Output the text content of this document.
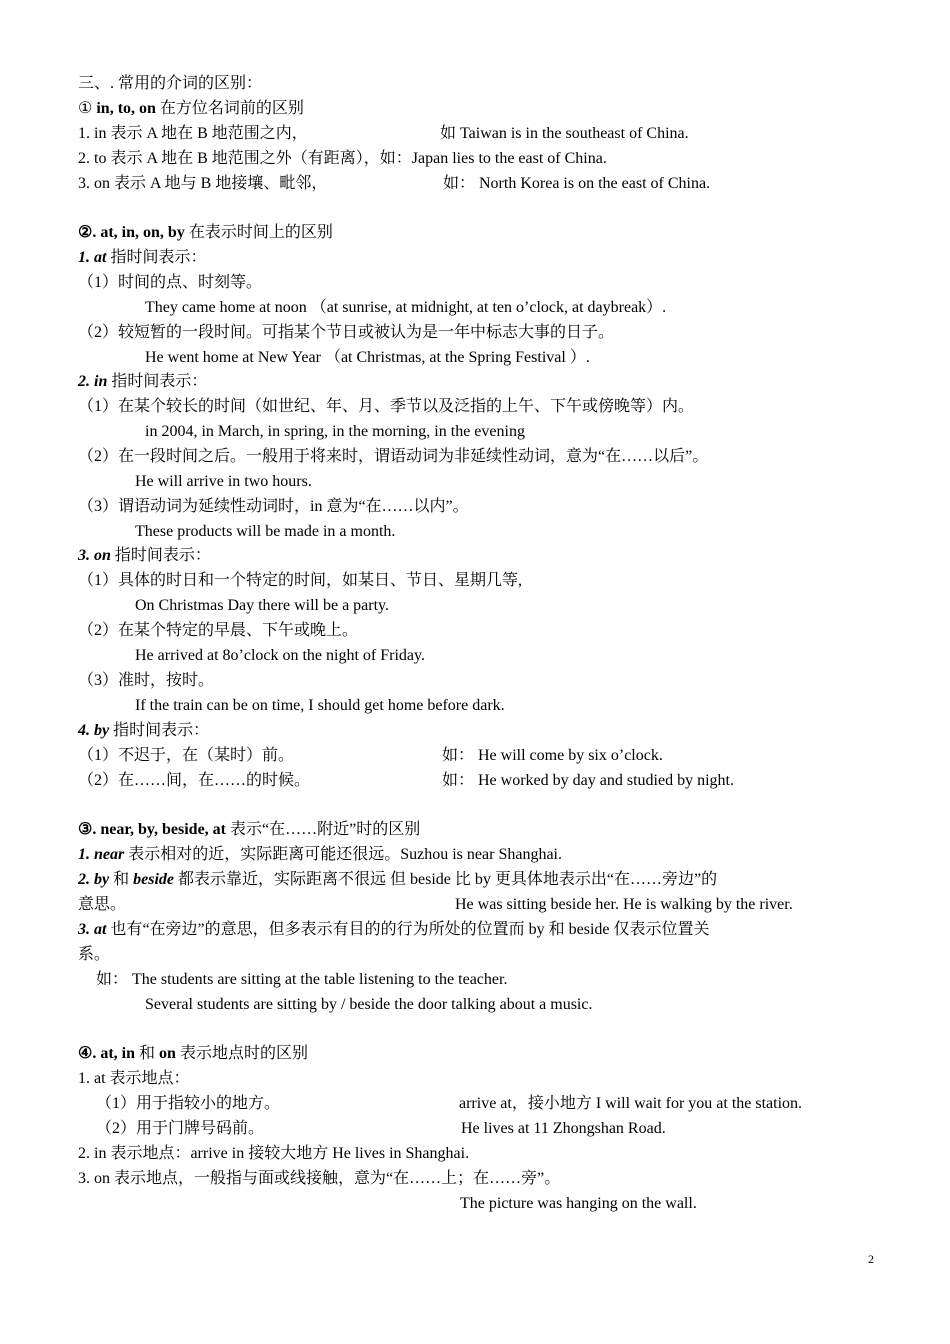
三、. 常用的介词的区别：
① in, to, on 在方位名词前的区别
1. in 表示 A 地在 B 地范围之内，	如 Taiwan is in the southeast of China.
2. to 表示 A 地在 B 地范围之外（有距离），如：Japan lies to the east of China.
3. on 表示 A 地与 B 地接壤、毗邻，	如： North Korea is on the east of China.
②. at, in, on, by 在表示时间上的区别
1. at 指时间表示：
（1）时间的点、时刻等。
They came home at noon （at sunrise, at midnight, at ten o’clock, at daybreak）.
（2）较短暂的一段时间。可指某个节日或被认为是一年中标志大事的日子。
He went home at New Year （at Christmas, at the Spring Festival ）.
2. in 指时间表示：
（1）在某个较长的时间（如世纪、年、月、季节以及泛指的上午、下午或傍晚等）内。
in 2004, in March, in spring, in the morning, in the evening
（2）在一段时间之后。一般用于将来时，谓语动词为非延续性动词，意为“在……以后”。
He will arrive in two hours.
（3）谓语动词为延续性动词时，in 意为“在……以内”。
These products will be made in a month.
3. on 指时间表示：
（1）具体的时日和一个特定的时间，如某日、节日、星期几等,
On Christmas Day there will be a party.
（2）在某个特定的早晨、下午或晚上。
He arrived at 8o’clock on the night of Friday.
（3）准时，按时。
If the train can be on time, I should get home before dark.
4. by 指时间表示：
（1）不迟于，在（某时）前。	如： He will come by six o’clock.
（2）在……间，在……的时候。	如： He worked by day and studied by night.
③. near, by, beside, at 表示“在……附近”时的区别
1. near 表示相对的近，实际距离可能还很远。Suzhou is near Shanghai.
2. by 和 beside 都表示靠近，实际距离不很远 但 beside 比 by 更具体地表示出“在……旁边”的
意思。	He was sitting beside her. He is walking by the river.
3. at 也有“在旁边”的意思，但多表示有目的的行为所处的位置而 by 和 beside 仅表示位置关
系。
如： The students are sitting at the table listening to the teacher.
Several students are sitting by / beside the door talking about a music.
④. at, in 和 on 表示地点时的区别
1. at 表示地点：
（1）用于指较小的地方。	arrive at，接小地方 I will wait for you at the station.
（2）用于门牌号码前。	He lives at 11 Zhongshan Road.
2. in 表示地点：arrive in 接较大地方 He lives in Shanghai.
3. on 表示地点，一般指与面或线接触，意为“在……上；在……旁”。
The picture was hanging on the wall.
2
